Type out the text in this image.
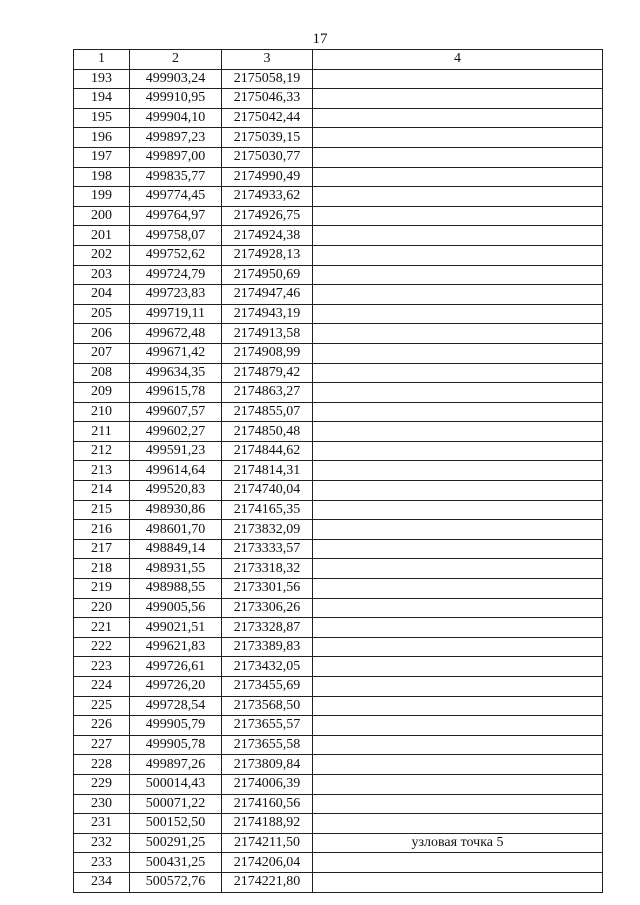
17
1	2	3	4
193	499903,24	2175058,19	
194	499910,95	2175046,33	
195	499904,10	2175042,44	
196	499897,23	2175039,15	
197	499897,00	2175030,77	
198	499835,77	2174990,49	
199	499774,45	2174933,62	
200	499764,97	2174926,75	
201	499758,07	2174924,38	
202	499752,62	2174928,13	
203	499724,79	2174950,69	
204	499723,83	2174947,46	
205	499719,11	2174943,19	
206	499672,48	2174913,58	
207	499671,42	2174908,99	
208	499634,35	2174879,42	
209	499615,78	2174863,27	
210	499607,57	2174855,07	
211	499602,27	2174850,48	
212	499591,23	2174844,62	
213	499614,64	2174814,31	
214	499520,83	2174740,04	
215	498930,86	2174165,35	
216	498601,70	2173832,09	
217	498849,14	2173333,57	
218	498931,55	2173318,32	
219	498988,55	2173301,56	
220	499005,56	2173306,26	
221	499021,51	2173328,87	
222	499621,83	2173389,83	
223	499726,61	2173432,05	
224	499726,20	2173455,69	
225	499728,54	2173568,50	
226	499905,79	2173655,57	
227	499905,78	2173655,58	
228	499897,26	2173809,84	
229	500014,43	2174006,39	
230	500071,22	2174160,56	
231	500152,50	2174188,92	
232	500291,25	2174211,50	узловая точка 5
233	500431,25	2174206,04	
234	500572,76	2174221,80	
